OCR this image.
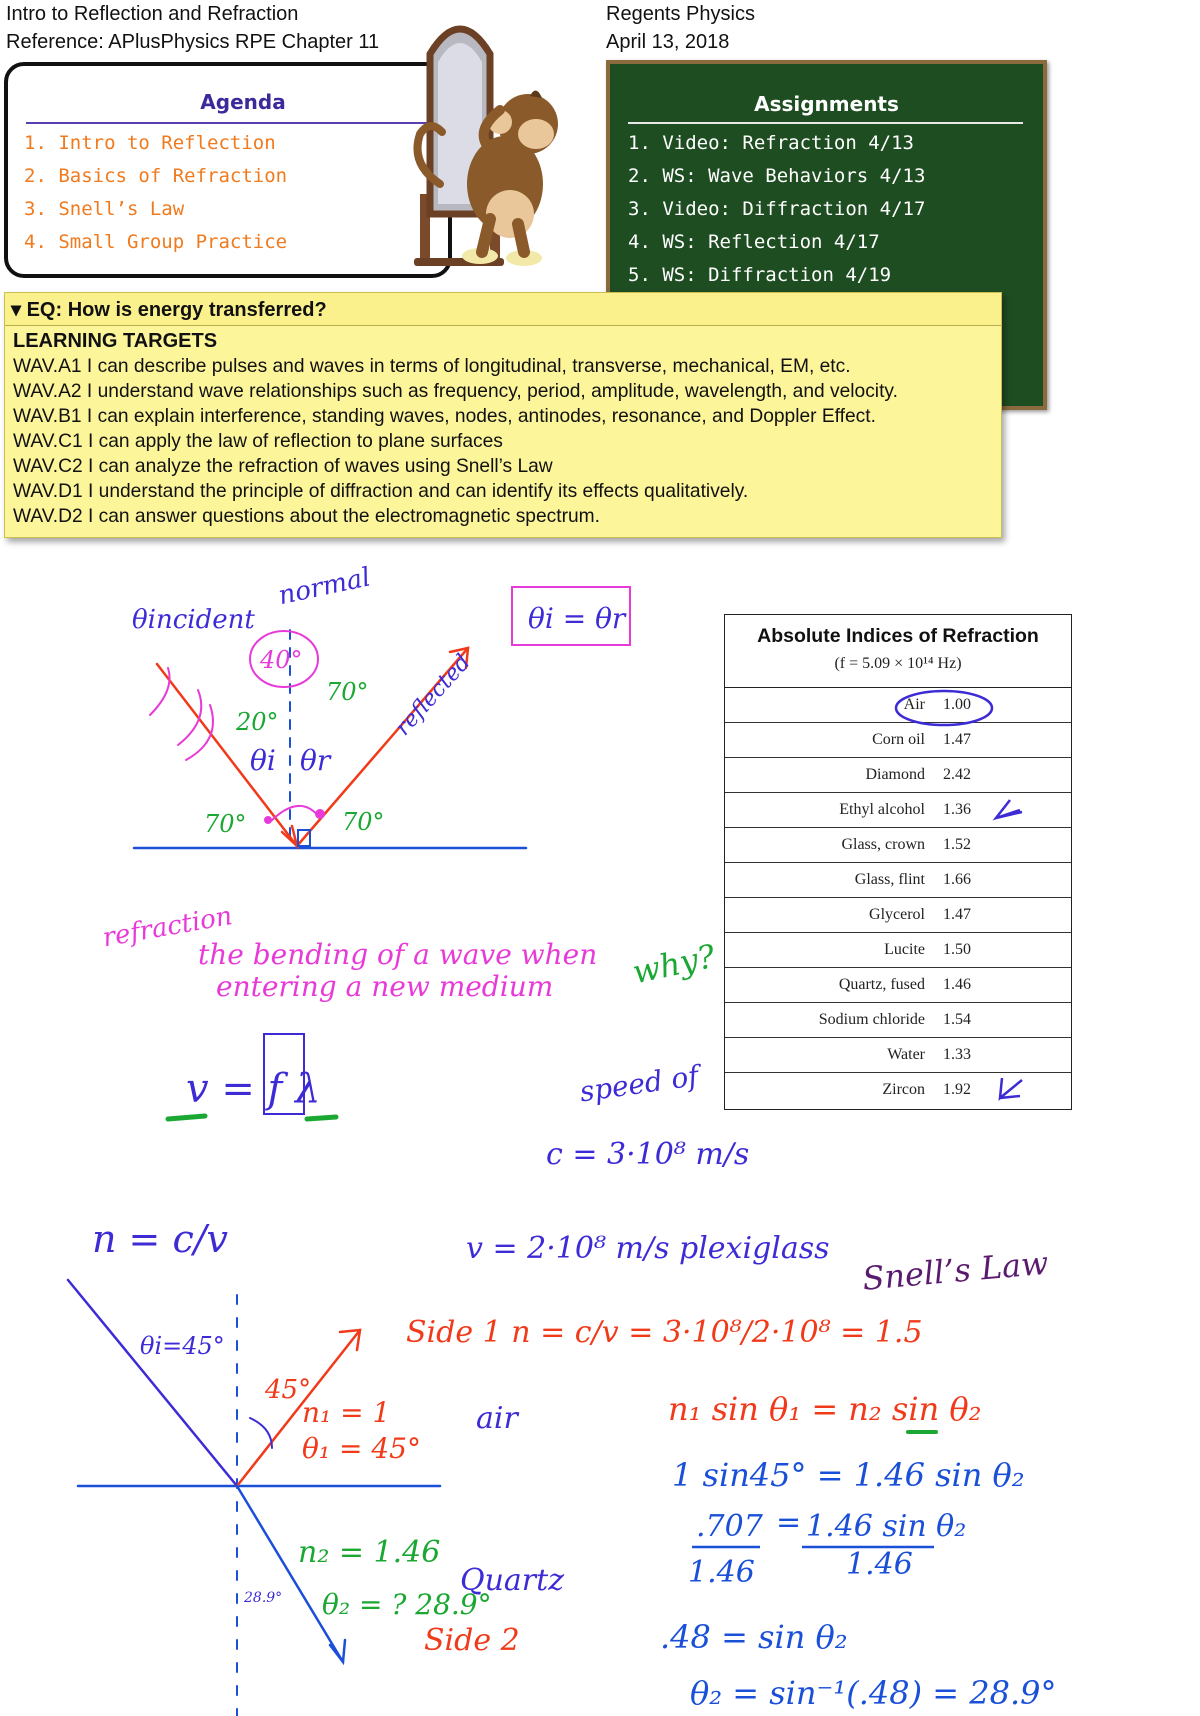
Intro to Reflection and Refraction
Reference: APlusPhysics RPE Chapter 11
Regents Physics
April 13, 2018
Assignments
1. Video: Refraction 4/13
2. WS: Wave Behaviors 4/13
3. Video: Diffraction 4/17
4. WS: Reflection 4/17
5. WS: Diffraction 4/19
Agenda
1. Intro to Reflection
2. Basics of Refraction
3. Snell’s Law
4. Small Group Practice
▾ EQ: How is energy transferred?
LEARNING TARGETS
WAV.A1 I can describe pulses and waves in terms of longitudinal, transverse, mechanical, EM, etc.
WAV.A2 I understand wave relationships such as frequency, period, amplitude, wavelength, and velocity.
WAV.B1 I can explain interference, standing waves, nodes, antinodes, resonance, and Doppler Effect.
WAV.C1 I can apply the law of reflection to plane surfaces
WAV.C2 I can analyze the refraction of waves using Snell’s Law
WAV.D1 I understand the principle of diffraction and can identify its effects qualitatively.
WAV.D2 I can answer questions about the electromagnetic spectrum.
Absolute Indices of Refraction
(f = 5.09 × 10¹⁴ Hz)
Air 1.00
Corn oil 1.47
Diamond 2.42
Ethyl alcohol 1.36
Glass, crown 1.52
Glass, flint 1.66
Glycerol 1.47
Lucite 1.50
Quartz, fused 1.46
Sodium chloride 1.54
Water 1.33
Zircon 1.92
θincident
normal
40°
20°
70°
θi θr
reflected
70°	70°
θi = θr
refraction
the bending of a wave when
entering a new medium why?
v = f λ	speed of
c = 3·10⁸ m/s
n = c/v	v = 2·10⁸ m/s plexiglass Snell’s Law
Side 1 n = c/v = 3·10⁸/2·10⁸ = 1.5
θi=45°
45°
n₁ = 1
θ₁ = 45°
air
n₂ = 1.46
θ₂ = ? 28.9°
Quartz
28.9°
Side 2
n₁ sin θ₁ = n₂ sin θ₂
1 sin45° = 1.46 sin θ₂
.707
1.46
= 1.46 sin θ₂
1.46
.48 = sin θ₂
θ₂ = sin⁻¹(.48) = 28.9°
